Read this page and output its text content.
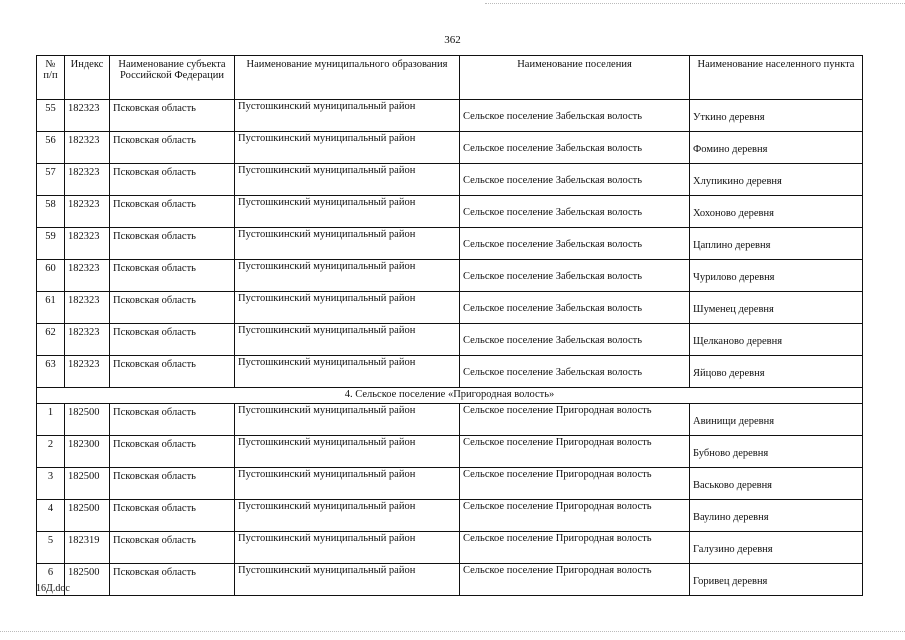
362
№ п/п	Индекс	Наименование субъекта Российской Федерации	Наименование муниципального образования	Наименование поселения	Наименование населенного пункта
55	182323	Псковская область	Пустошкинский муниципальный район	Сельское поселение Забельская волость	Уткино деревня
56	182323	Псковская область	Пустошкинский муниципальный район	Сельское поселение Забельская волость	Фомино деревня
57	182323	Псковская область	Пустошкинский муниципальный район	Сельское поселение Забельская волость	Хлупикино деревня
58	182323	Псковская область	Пустошкинский муниципальный район	Сельское поселение Забельская волость	Хохоново деревня
59	182323	Псковская область	Пустошкинский муниципальный район	Сельское поселение Забельская волость	Цаплино деревня
60	182323	Псковская область	Пустошкинский муниципальный район	Сельское поселение Забельская волость	Чурилово деревня
61	182323	Псковская область	Пустошкинский муниципальный район	Сельское поселение Забельская волость	Шуменец деревня
62	182323	Псковская область	Пустошкинский муниципальный район	Сельское поселение Забельская волость	Щелканово деревня
63	182323	Псковская область	Пустошкинский муниципальный район	Сельское поселение Забельская волость	Яйцово деревня
4. Сельское поселение «Пригородная волость»					
1	182500	Псковская область	Пустошкинский муниципальный район	Сельское поселение Пригородная волость	Авинищи деревня
2	182300	Псковская область	Пустошкинский муниципальный район	Сельское поселение Пригородная волость	Бубново деревня
3	182500	Псковская область	Пустошкинский муниципальный район	Сельское поселение Пригородная волость	Васьково деревня
4	182500	Псковская область	Пустошкинский муниципальный район	Сельское поселение Пригородная волость	Ваулино деревня
5	182319	Псковская область	Пустошкинский муниципальный район	Сельское поселение Пригородная волость	Галузино деревня
6	182500	Псковская область	Пустошкинский муниципальный район	Сельское поселение Пригородная волость	Горивец деревня
16Д.doc
